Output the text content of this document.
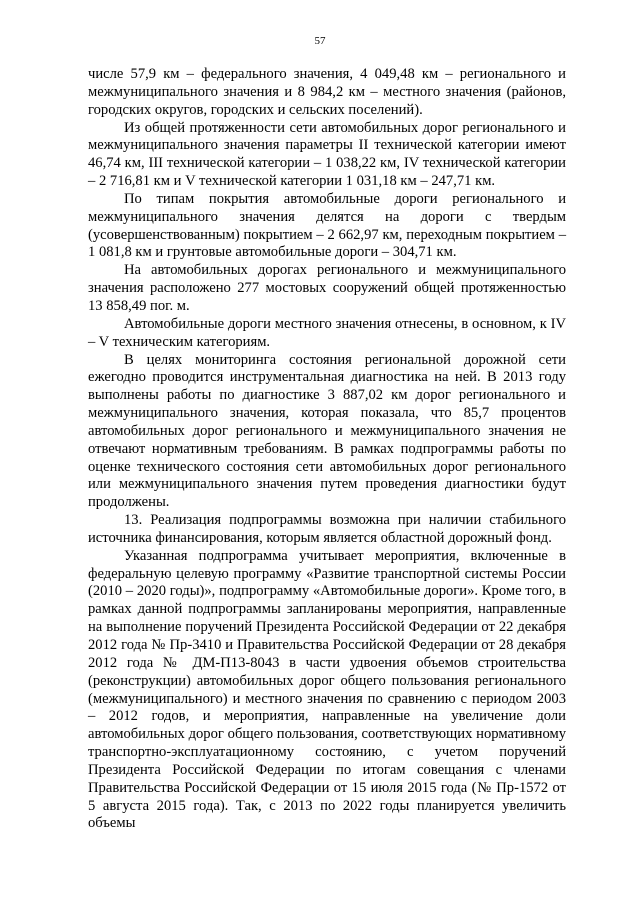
57

числе 57,9 км – федерального значения, 4 049,48 км – регионального и межмуниципального значения и 8 984,2 км – местного значения (районов, городских округов, городских и сельских поселений).

Из общей протяженности сети автомобильных дорог регионального и межмуниципального значения параметры II технической категории имеют 46,74 км, III технической категории – 1 038,22 км, IV технической категории – 2 716,81 км и V технической категории 1 031,18 км – 247,71 км.

По типам покрытия автомобильные дороги регионального и межмуниципального значения делятся на дороги с твердым (усовершенствованным) покрытием – 2 662,97 км, переходным покрытием – 1 081,8 км и грунтовые автомобильные дороги – 304,71 км.

На автомобильных дорогах регионального и межмуниципального значения расположено 277 мостовых сооружений общей протяженностью 13 858,49 пог. м.

Автомобильные дороги местного значения отнесены, в основном, к IV – V техническим категориям.

В целях мониторинга состояния региональной дорожной сети ежегодно проводится инструментальная диагностика на ней. В 2013 году выполнены работы по диагностике 3 887,02 км дорог регионального и межмуниципального значения, которая показала, что 85,7 процентов автомобильных дорог регионального и межмуниципального значения не отвечают нормативным требованиям. В рамках подпрограммы работы по оценке технического состояния сети автомобильных дорог регионального или межмуниципального значения путем проведения диагностики будут продолжены.

13. Реализация подпрограммы возможна при наличии стабильного источника финансирования, которым является областной дорожный фонд.

Указанная подпрограмма учитывает мероприятия, включенные в федеральную целевую программу «Развитие транспортной системы России (2010 – 2020 годы)», подпрограмму «Автомобильные дороги». Кроме того, в рамках данной подпрограммы запланированы мероприятия, направленные на выполнение поручений Президента Российской Федерации от 22 декабря 2012 года № Пр-3410 и Правительства Российской Федерации от 28 декабря 2012 года № ДМ-П13-8043 в части удвоения объемов строительства (реконструкции) автомобильных дорог общего пользования регионального (межмуниципального) и местного значения по сравнению с периодом 2003 – 2012 годов, и мероприятия, направленные на увеличение доли автомобильных дорог общего пользования, соответствующих нормативному транспортно-эксплуатационному состоянию, с учетом поручений Президента Российской Федерации по итогам совещания с членами Правительства Российской Федерации от 15 июля 2015 года (№ Пр-1572 от 5 августа 2015 года). Так, с 2013 по 2022 годы планируется увеличить объемы
